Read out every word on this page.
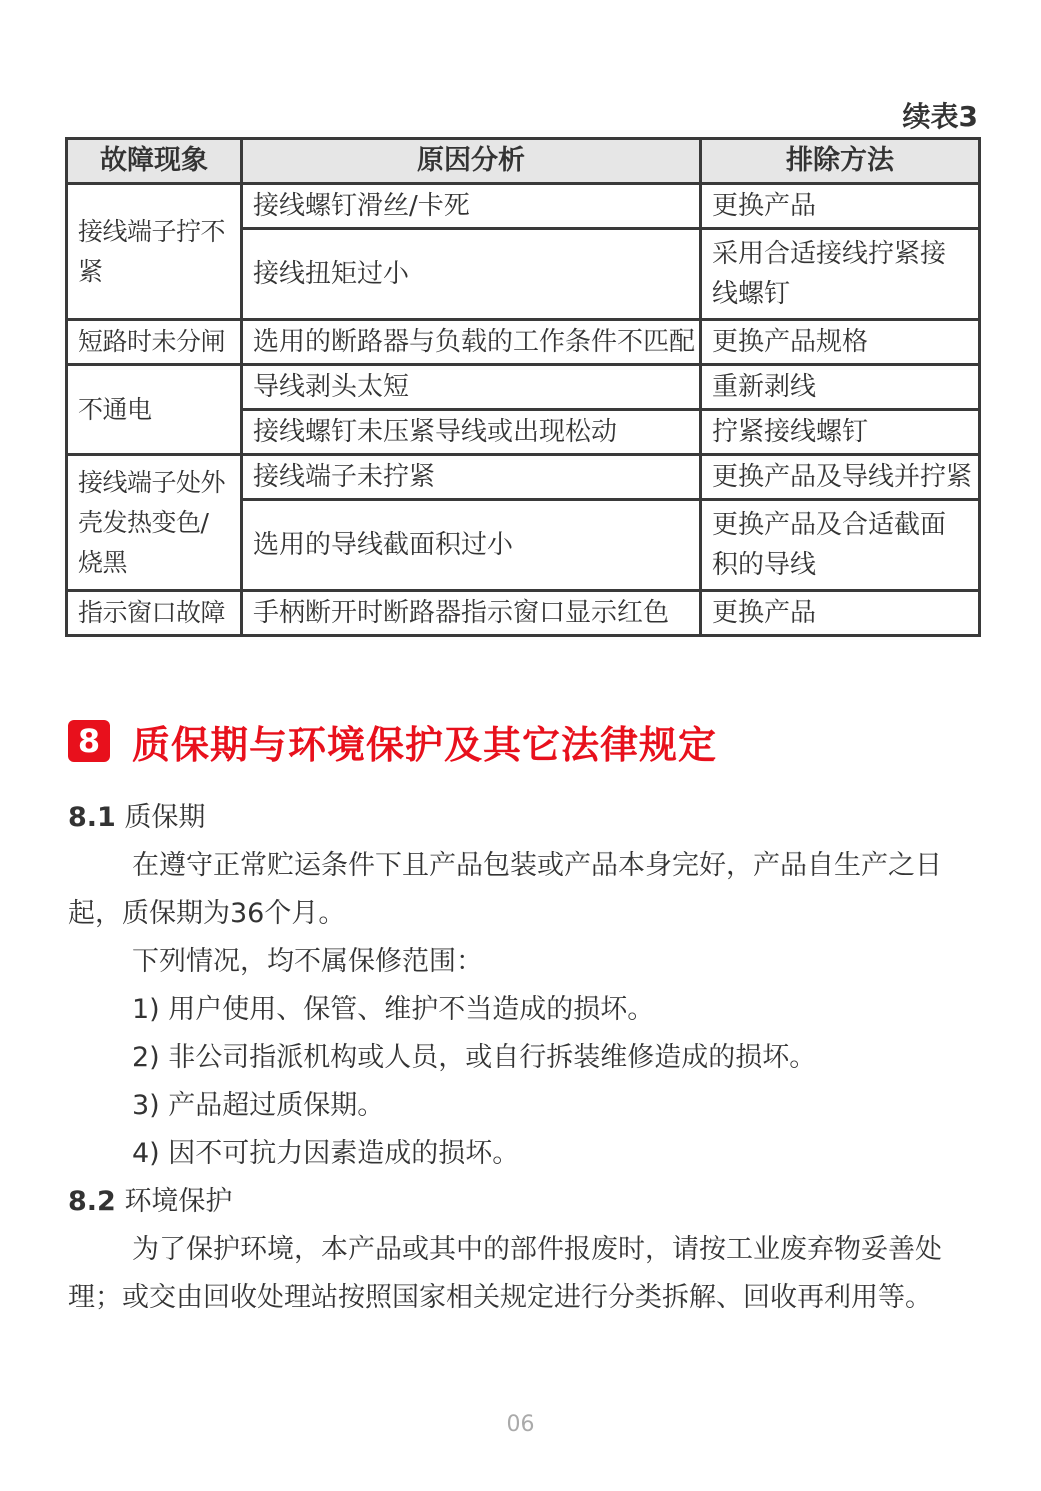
续表3
故障现象	原因分析	排除方法
接线端子拧不紧	接线螺钉滑丝/卡死	更换产品
	接线扭矩过小	采用合适接线拧紧接线螺钉
短路时未分闸	选用的断路器与负载的工作条件不匹配	更换产品规格
不通电	导线剥头太短	重新剥线
	接线螺钉未压紧导线或出现松动	拧紧接线螺钉
接线端子处外壳发热变色/烧黑	接线端子未拧紧	更换产品及导线并拧紧
	选用的导线截面积过小	更换产品及合适截面积的导线
指示窗口故障	手柄断开时断路器指示窗口显示红色	更换产品
8 质保期与环境保护及其它法律规定

8.1 质保期

在遵守正常贮运条件下且产品包装或产品本身完好，产品自生产之日起，质保期为36个月。

下列情况，均不属保修范围：

1) 用户使用、保管、维护不当造成的损坏。

2) 非公司指派机构或人员，或自行拆装维修造成的损坏。

3) 产品超过质保期。

4) 因不可抗力因素造成的损坏。

8.2 环境保护

为了保护环境，本产品或其中的部件报废时，请按工业废弃物妥善处理；或交由回收处理站按照国家相关规定进行分类拆解、回收再利用等。

06
